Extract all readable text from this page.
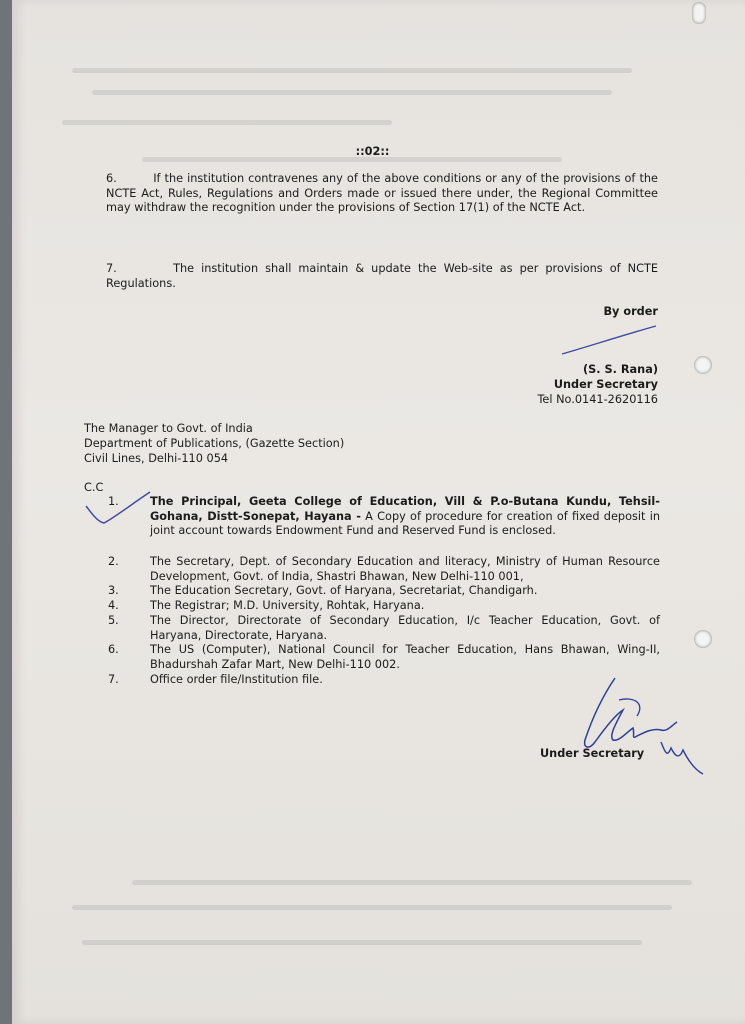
::02::
6.	If the institution contravenes any of the above conditions or any of the provisions of the NCTE Act, Rules, Regulations and Orders made or issued there under, the Regional Committee may withdraw the recognition under the provisions of Section 17(1) of the NCTE Act.
7.	The institution shall maintain & update the Web-site as per provisions of NCTE Regulations.
By order
(S. S. Rana)
Under Secretary
Tel No.0141-2620116
The Manager to Govt. of India
Department of Publications, (Gazette Section)
Civil Lines, Delhi-110 054
C.C
1.	The Principal, Geeta College of Education, Vill & P.o-Butana Kundu, Tehsil-Gohana, Distt-Sonepat, Hayana - A Copy of procedure for creation of fixed deposit in joint account towards Endowment Fund and Reserved Fund is enclosed.
2.	The Secretary, Dept. of Secondary Education and literacy, Ministry of Human Resource Development, Govt. of India, Shastri Bhawan, New Delhi-110 001,
3.	The Education Secretary, Govt. of Haryana, Secretariat, Chandigarh.
4.	The Registrar; M.D. University, Rohtak, Haryana.
5.	The Director, Directorate of Secondary Education, I/c Teacher Education, Govt. of Haryana, Directorate, Haryana.
6.	The US (Computer), National Council for Teacher Education, Hans Bhawan, Wing-II, Bhadurshah Zafar Mart, New Delhi-110 002.
7.	Office order file/Institution file.
Under Secretary
